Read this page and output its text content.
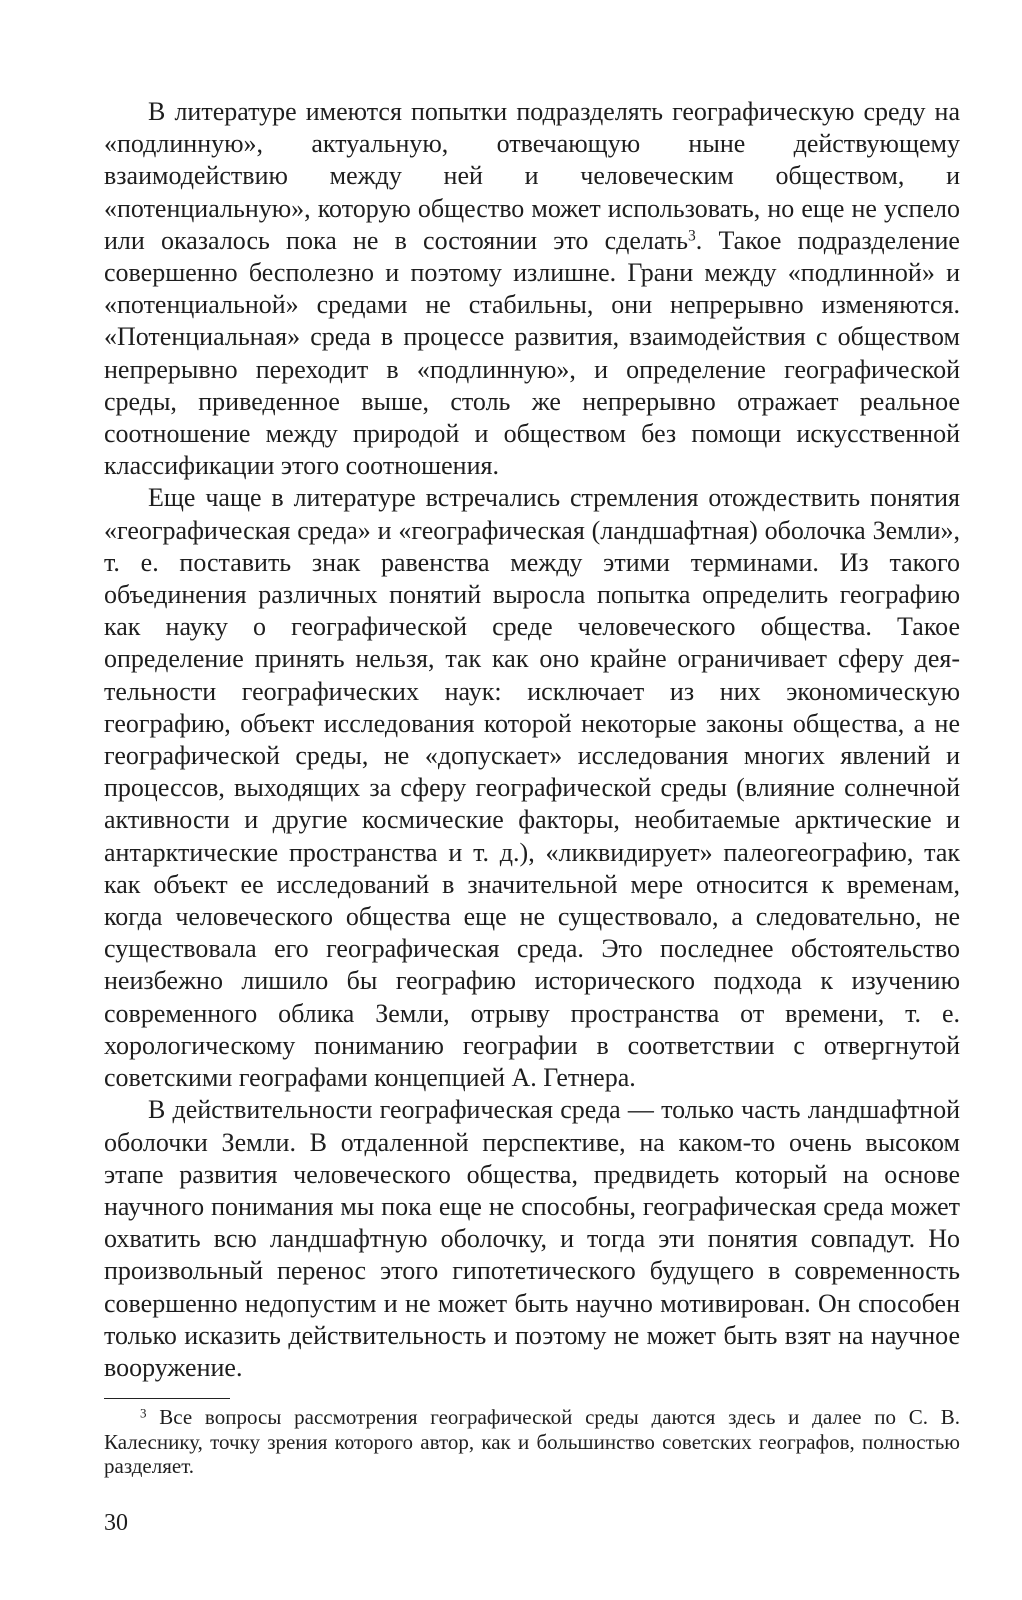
В литературе имеются попытки подразделять географическую среду на «подлинную», актуальную, отвечающую ныне действующему взаимодействию между ней и человеческим обществом, и «потенциальную», которую общество может использовать, но еще не успело или оказалось пока не в состоянии это сделать$^3$. Такое подразделение совершенно бесполезно и поэтому излишне. Грани между «подлинной» и «потенциальной» средами не стабильны, они непрерывно изменяются. «Потенциальная» среда в процессе развития, взаимодействия с обществом непрерывно переходит в «подлинную», и определение географической среды, приведенное выше, столь же непрерывно отражает реальное соотношение между природой и обществом без помощи искусственной классификации этого соотношения.

Еще чаще в литературе встречались стремления отождествить понятия «географическая среда» и «географическая (ландшафтная) оболочка Земли», т. е. поставить знак равенства между этими терминами. Из такого объединения различных понятий выросла попытка определить географию как науку о географической среде человеческого общества. Такое определение принять нельзя, так как оно крайне ограничивает сферу деятельности географических наук: исключает из них экономическую географию, объект исследования которой некоторые законы общества, а не географической среды, не «допускает» исследования многих явлений и процессов, выходящих за сферу географической среды (влияние солнечной активности и другие космические факторы, необитаемые арктические и антарктические пространства и т. д.), «ликвидирует» палеогеографию, так как объект ее исследований в значительной мере относится к временам, когда человеческого общества еще не существовало, а следовательно, не существовала его географическая среда. Это последнее обстоятельство неизбежно лишило бы географию исторического подхода к изучению современного облика Земли, отрыву пространства от времени, т. е. хорологическому пониманию географии в соответствии с отвергнутой советскими географами концепцией А. Гетнера.

В действительности географическая среда — только часть ландшафтной оболочки Земли. В отдаленной перспективе, на каком-то очень высоком этапе развития человеческого общества, предвидеть который на основе научного понимания мы пока еще не способны, географическая среда может охватить всю ландшафтную оболочку, и тогда эти понятия совпадут. Но произвольный перенос этого гипотетического будущего в современность совершенно недопустим и не может быть научно мотивирован. Он способен только исказить действительность и поэтому не может быть взят на научное вооружение.

$^3$ Все вопросы рассмотрения географической среды даются здесь и далее по С. В. Калеснику, точку зрения которого автор, как и большинство советских географов, полностью разделяет.

30
